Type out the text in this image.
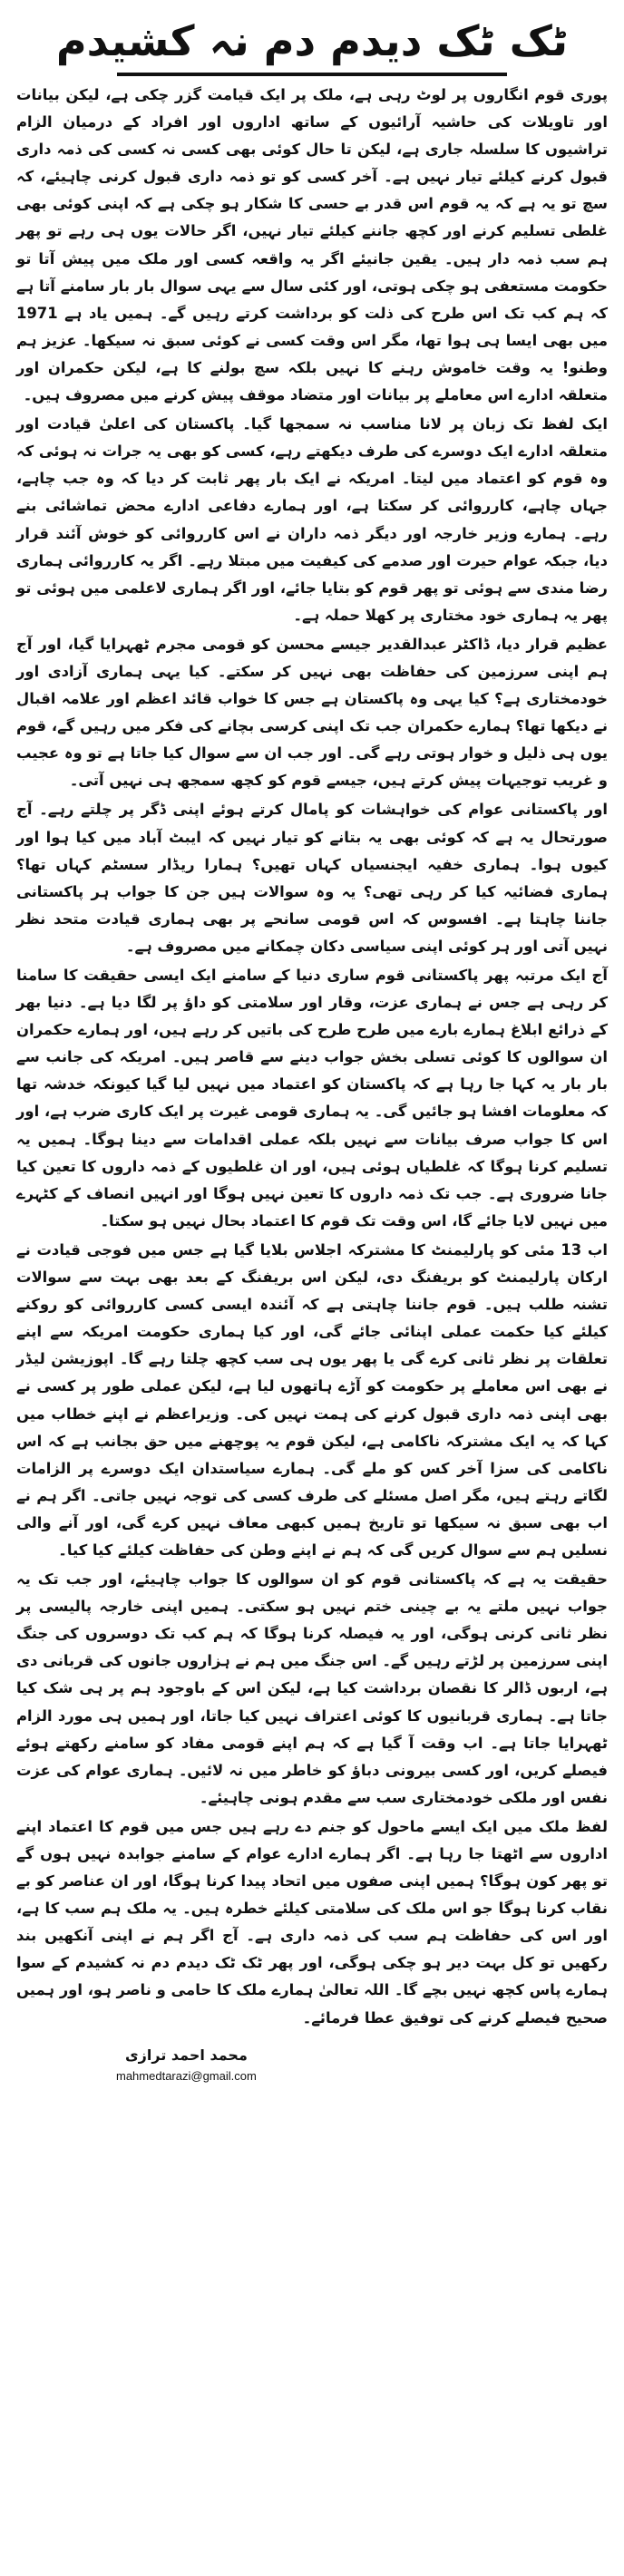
ٹک ٹک دیدم دم نہ کشیدم

پوری قوم انگاروں پر لوٹ رہی ہے، ملک پر ایک قیامت گزر چکی ہے، لیکن بیانات اور تاویلات کی حاشیہ آرائیوں کے ساتھ اداروں اور افراد کے درمیان الزام تراشیوں کا سلسلہ جاری ہے، لیکن تا حال کوئی بھی کسی نہ کسی کی ذمہ داری قبول کرنے کیلئے تیار نہیں ہے۔ آخر کسی کو تو ذمہ داری قبول کرنی چاہیئے، کہ سچ تو یہ ہے کہ یہ قوم اس قدر بے حسی کا شکار ہو چکی ہے کہ اپنی کوئی بھی غلطی تسلیم کرنے اور کچھ جاننے کیلئے تیار نہیں، اگر حالات یوں ہی رہے تو پھر ہم سب ذمہ دار ہیں۔ یقین جانیئے اگر یہ واقعہ کسی اور ملک میں پیش آتا تو حکومت مستعفی ہو چکی ہوتی، اور کئی سال سے یہی سوال بار بار سامنے آتا ہے کہ ہم کب تک اس طرح کی ذلت کو برداشت کرتے رہیں گے۔ ہمیں یاد ہے 1971 میں بھی ایسا ہی ہوا تھا، مگر اس وقت کسی نے کوئی سبق نہ سیکھا۔ عزیز ہم وطنو! یہ وقت خاموش رہنے کا نہیں بلکہ سچ بولنے کا ہے، لیکن حکمران اور متعلقہ ادارے اس معاملے پر بیانات اور متضاد موقف پیش کرنے میں مصروف ہیں۔

ایک لفظ تک زبان پر لانا مناسب نہ سمجھا گیا۔ پاکستان کی اعلیٰ قیادت اور متعلقہ ادارے ایک دوسرے کی طرف دیکھتے رہے، کسی کو بھی یہ جرات نہ ہوئی کہ وہ قوم کو اعتماد میں لیتا۔ امریکہ نے ایک بار پھر ثابت کر دیا کہ وہ جب چاہے، جہاں چاہے، کارروائی کر سکتا ہے، اور ہمارے دفاعی ادارے محض تماشائی بنے رہے۔ ہمارے وزیر خارجہ اور دیگر ذمہ داران نے اس کارروائی کو خوش آئند قرار دیا، جبکہ عوام حیرت اور صدمے کی کیفیت میں مبتلا رہے۔ اگر یہ کارروائی ہماری رضا مندی سے ہوئی تو پھر قوم کو بتایا جائے، اور اگر ہماری لاعلمی میں ہوئی تو پھر یہ ہماری خود مختاری پر کھلا حملہ ہے۔

عظیم قرار دیا، ڈاکٹر عبدالقدیر جیسے محسن کو قومی مجرم ٹھہرایا گیا، اور آج ہم اپنی سرزمین کی حفاظت بھی نہیں کر سکتے۔ کیا یہی ہماری آزادی اور خودمختاری ہے؟ کیا یہی وہ پاکستان ہے جس کا خواب قائد اعظم اور علامہ اقبال نے دیکھا تھا؟ ہمارے حکمران جب تک اپنی کرسی بچانے کی فکر میں رہیں گے، قوم یوں ہی ذلیل و خوار ہوتی رہے گی۔ اور جب ان سے سوال کیا جاتا ہے تو وہ عجیب و غریب توجیہات پیش کرتے ہیں، جیسے قوم کو کچھ سمجھ ہی نہیں آتی۔

اور پاکستانی عوام کی خواہشات کو پامال کرتے ہوئے اپنی ڈگر پر چلتے رہے۔ آج صورتحال یہ ہے کہ کوئی بھی یہ بتانے کو تیار نہیں کہ ایبٹ آباد میں کیا ہوا اور کیوں ہوا۔ ہماری خفیہ ایجنسیاں کہاں تھیں؟ ہمارا ریڈار سسٹم کہاں تھا؟ ہماری فضائیہ کیا کر رہی تھی؟ یہ وہ سوالات ہیں جن کا جواب ہر پاکستانی جاننا چاہتا ہے۔ افسوس کہ اس قومی سانحے پر بھی ہماری قیادت متحد نظر نہیں آتی اور ہر کوئی اپنی سیاسی دکان چمکانے میں مصروف ہے۔

آج ایک مرتبہ پھر پاکستانی قوم ساری دنیا کے سامنے ایک ایسی حقیقت کا سامنا کر رہی ہے جس نے ہماری عزت، وقار اور سلامتی کو داؤ پر لگا دیا ہے۔ دنیا بھر کے ذرائع ابلاغ ہمارے بارے میں طرح طرح کی باتیں کر رہے ہیں، اور ہمارے حکمران ان سوالوں کا کوئی تسلی بخش جواب دینے سے قاصر ہیں۔ امریکہ کی جانب سے بار بار یہ کہا جا رہا ہے کہ پاکستان کو اعتماد میں نہیں لیا گیا کیونکہ خدشہ تھا کہ معلومات افشا ہو جائیں گی۔ یہ ہماری قومی غیرت پر ایک کاری ضرب ہے، اور اس کا جواب صرف بیانات سے نہیں بلکہ عملی اقدامات سے دینا ہوگا۔ ہمیں یہ تسلیم کرنا ہوگا کہ غلطیاں ہوئی ہیں، اور ان غلطیوں کے ذمہ داروں کا تعین کیا جانا ضروری ہے۔ جب تک ذمہ داروں کا تعین نہیں ہوگا اور انہیں انصاف کے کٹہرے میں نہیں لایا جائے گا، اس وقت تک قوم کا اعتماد بحال نہیں ہو سکتا۔

اب 13 مئی کو پارلیمنٹ کا مشترکہ اجلاس بلایا گیا ہے جس میں فوجی قیادت نے ارکان پارلیمنٹ کو بریفنگ دی، لیکن اس بریفنگ کے بعد بھی بہت سے سوالات تشنہ طلب ہیں۔ قوم جاننا چاہتی ہے کہ آئندہ ایسی کسی کارروائی کو روکنے کیلئے کیا حکمت عملی اپنائی جائے گی، اور کیا ہماری حکومت امریکہ سے اپنے تعلقات پر نظر ثانی کرے گی یا پھر یوں ہی سب کچھ چلتا رہے گا۔ اپوزیشن لیڈر نے بھی اس معاملے پر حکومت کو آڑے ہاتھوں لیا ہے، لیکن عملی طور پر کسی نے بھی اپنی ذمہ داری قبول کرنے کی ہمت نہیں کی۔ وزیراعظم نے اپنے خطاب میں کہا کہ یہ ایک مشترکہ ناکامی ہے، لیکن قوم یہ پوچھنے میں حق بجانب ہے کہ اس ناکامی کی سزا آخر کس کو ملے گی۔ ہمارے سیاستدان ایک دوسرے پر الزامات لگاتے رہتے ہیں، مگر اصل مسئلے کی طرف کسی کی توجہ نہیں جاتی۔ اگر ہم نے اب بھی سبق نہ سیکھا تو تاریخ ہمیں کبھی معاف نہیں کرے گی، اور آنے والی نسلیں ہم سے سوال کریں گی کہ ہم نے اپنے وطن کی حفاظت کیلئے کیا کیا۔

حقیقت یہ ہے کہ پاکستانی قوم کو ان سوالوں کا جواب چاہیئے، اور جب تک یہ جواب نہیں ملتے یہ بے چینی ختم نہیں ہو سکتی۔ ہمیں اپنی خارجہ پالیسی پر نظر ثانی کرنی ہوگی، اور یہ فیصلہ کرنا ہوگا کہ ہم کب تک دوسروں کی جنگ اپنی سرزمین پر لڑتے رہیں گے۔ اس جنگ میں ہم نے ہزاروں جانوں کی قربانی دی ہے، اربوں ڈالر کا نقصان برداشت کیا ہے، لیکن اس کے باوجود ہم پر ہی شک کیا جاتا ہے۔ ہماری قربانیوں کا کوئی اعتراف نہیں کیا جاتا، اور ہمیں ہی مورد الزام ٹھہرایا جاتا ہے۔ اب وقت آ گیا ہے کہ ہم اپنے قومی مفاد کو سامنے رکھتے ہوئے فیصلے کریں، اور کسی بیرونی دباؤ کو خاطر میں نہ لائیں۔ ہماری عوام کی عزت نفس اور ملکی خودمختاری سب سے مقدم ہونی چاہیئے۔

لفظ ملک میں ایک ایسے ماحول کو جنم دے رہے ہیں جس میں قوم کا اعتماد اپنے اداروں سے اٹھتا جا رہا ہے۔ اگر ہمارے ادارے عوام کے سامنے جوابدہ نہیں ہوں گے تو پھر کون ہوگا؟ ہمیں اپنی صفوں میں اتحاد پیدا کرنا ہوگا، اور ان عناصر کو بے نقاب کرنا ہوگا جو اس ملک کی سلامتی کیلئے خطرہ ہیں۔ یہ ملک ہم سب کا ہے، اور اس کی حفاظت ہم سب کی ذمہ داری ہے۔ آج اگر ہم نے اپنی آنکھیں بند رکھیں تو کل بہت دیر ہو چکی ہوگی، اور پھر ٹک ٹک دیدم دم نہ کشیدم کے سوا ہمارے پاس کچھ نہیں بچے گا۔ اللہ تعالیٰ ہمارے ملک کا حامی و ناصر ہو، اور ہمیں صحیح فیصلے کرنے کی توفیق عطا فرمائے۔

محمد احمد ترازی
mahmedtarazi@gmail.com
